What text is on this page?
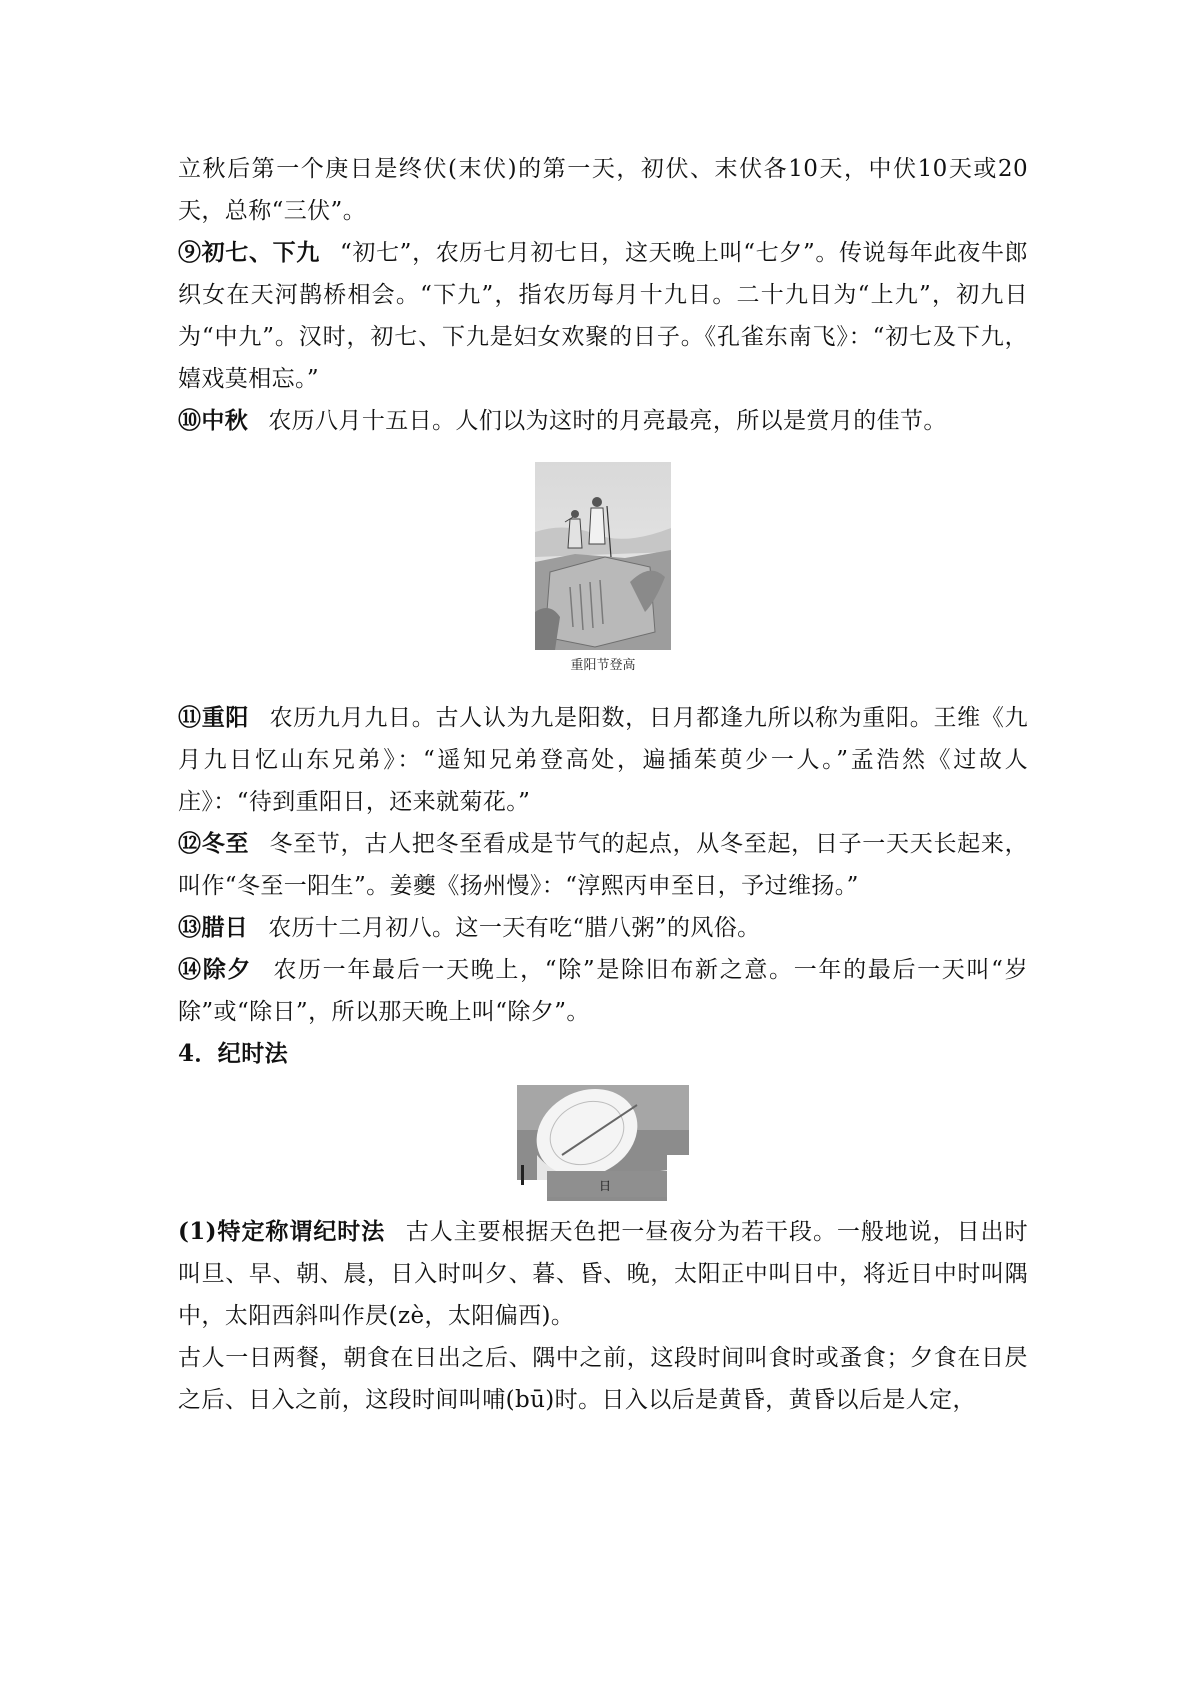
立秋后第一个庚日是终伏(末伏)的第一天，初伏、末伏各10天，中伏10天或20天，总称“三伏”。

⑨初七、下九 “初七”，农历七月初七日，这天晚上叫“七夕”。传说每年此夜牛郎织女在天河鹊桥相会。“下九”，指农历每月十九日。二十九日为“上九”，初九日为“中九”。汉时，初七、下九是妇女欢聚的日子。《孔雀东南飞》：“初七及下九，嬉戏莫相忘。”

⑩中秋 农历八月十五日。人们以为这时的月亮最亮，所以是赏月的佳节。

重阳节登高

⑪重阳 农历九月九日。古人认为九是阳数，日月都逢九所以称为重阳。王维《九月九日忆山东兄弟》：“遥知兄弟登高处，遍插茱萸少一人。”孟浩然《过故人庄》：“待到重阳日，还来就菊花。”

⑫冬至 冬至节，古人把冬至看成是节气的起点，从冬至起，日子一天天长起来，叫作“冬至一阳生”。姜夔《扬州慢》：“淳熙丙申至日，予过维扬。”

⑬腊日 农历十二月初八。这一天有吃“腊八粥”的风俗。

⑭除夕 农历一年最后一天晚上，“除”是除旧布新之意。一年的最后一天叫“岁除”或“除日”，所以那天晚上叫“除夕”。

4．纪时法

日

(1)特定称谓纪时法 古人主要根据天色把一昼夜分为若干段。一般地说，日出时叫旦、早、朝、晨，日入时叫夕、暮、昏、晚，太阳正中叫日中，将近日中时叫隅中，太阳西斜叫作昃(zè，太阳偏西)。

古人一日两餐，朝食在日出之后、隅中之前，这段时间叫食时或蚤食；夕食在日昃之后、日入之前，这段时间叫哺(bū)时。日入以后是黄昏，黄昏以后是人定，
